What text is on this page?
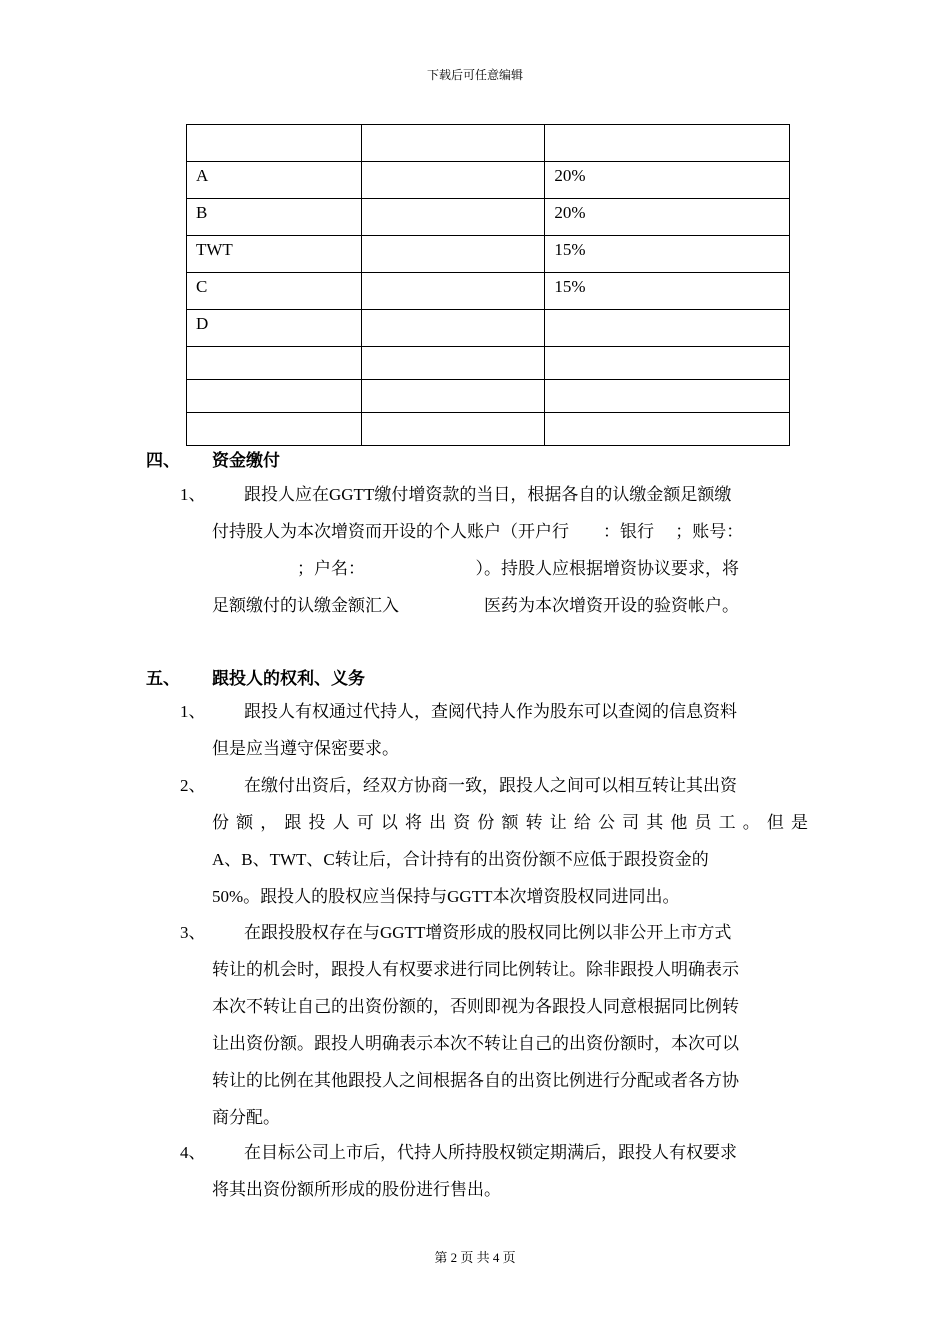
下载后可任意编辑

A		20%
B		20%
TWT		15%
C		15%
D		

四、 资金缴付
1、 跟投人应在GGTT缴付增资款的当日，根据各自的认缴金额足额缴
付持股人为本次增资而开设的个人账户（开户行　　：银行　 ；账号：
　　　　　；户名：　　　　　　　）。持股人应根据增资协议要求，将
足额缴付的认缴金额汇入　　　　　医药为本次增资开设的验资帐户。
五、 跟投人的权利、义务
1、 跟投人有权通过代持人，查阅代持人作为股东可以查阅的信息资料
但是应当遵守保密要求。
2、 在缴付出资后，经双方协商一致，跟投人之间可以相互转让其出资
份额，跟投人可以将出资份额转让给公司其他员工。但是
A、B、TWT、C转让后，合计持有的出资份额不应低于跟投资金的
50%。跟投人的股权应当保持与GGTT本次增资股权同进同出。
3、 在跟投股权存在与GGTT增资形成的股权同比例以非公开上市方式
转让的机会时，跟投人有权要求进行同比例转让。除非跟投人明确表示
本次不转让自己的出资份额的，否则即视为各跟投人同意根据同比例转
让出资份额。跟投人明确表示本次不转让自己的出资份额时，本次可以
转让的比例在其他跟投人之间根据各自的出资比例进行分配或者各方协
商分配。
4、 在目标公司上市后，代持人所持股权锁定期满后，跟投人有权要求
将其出资份额所形成的股份进行售出。
第 2 页 共 4 页
